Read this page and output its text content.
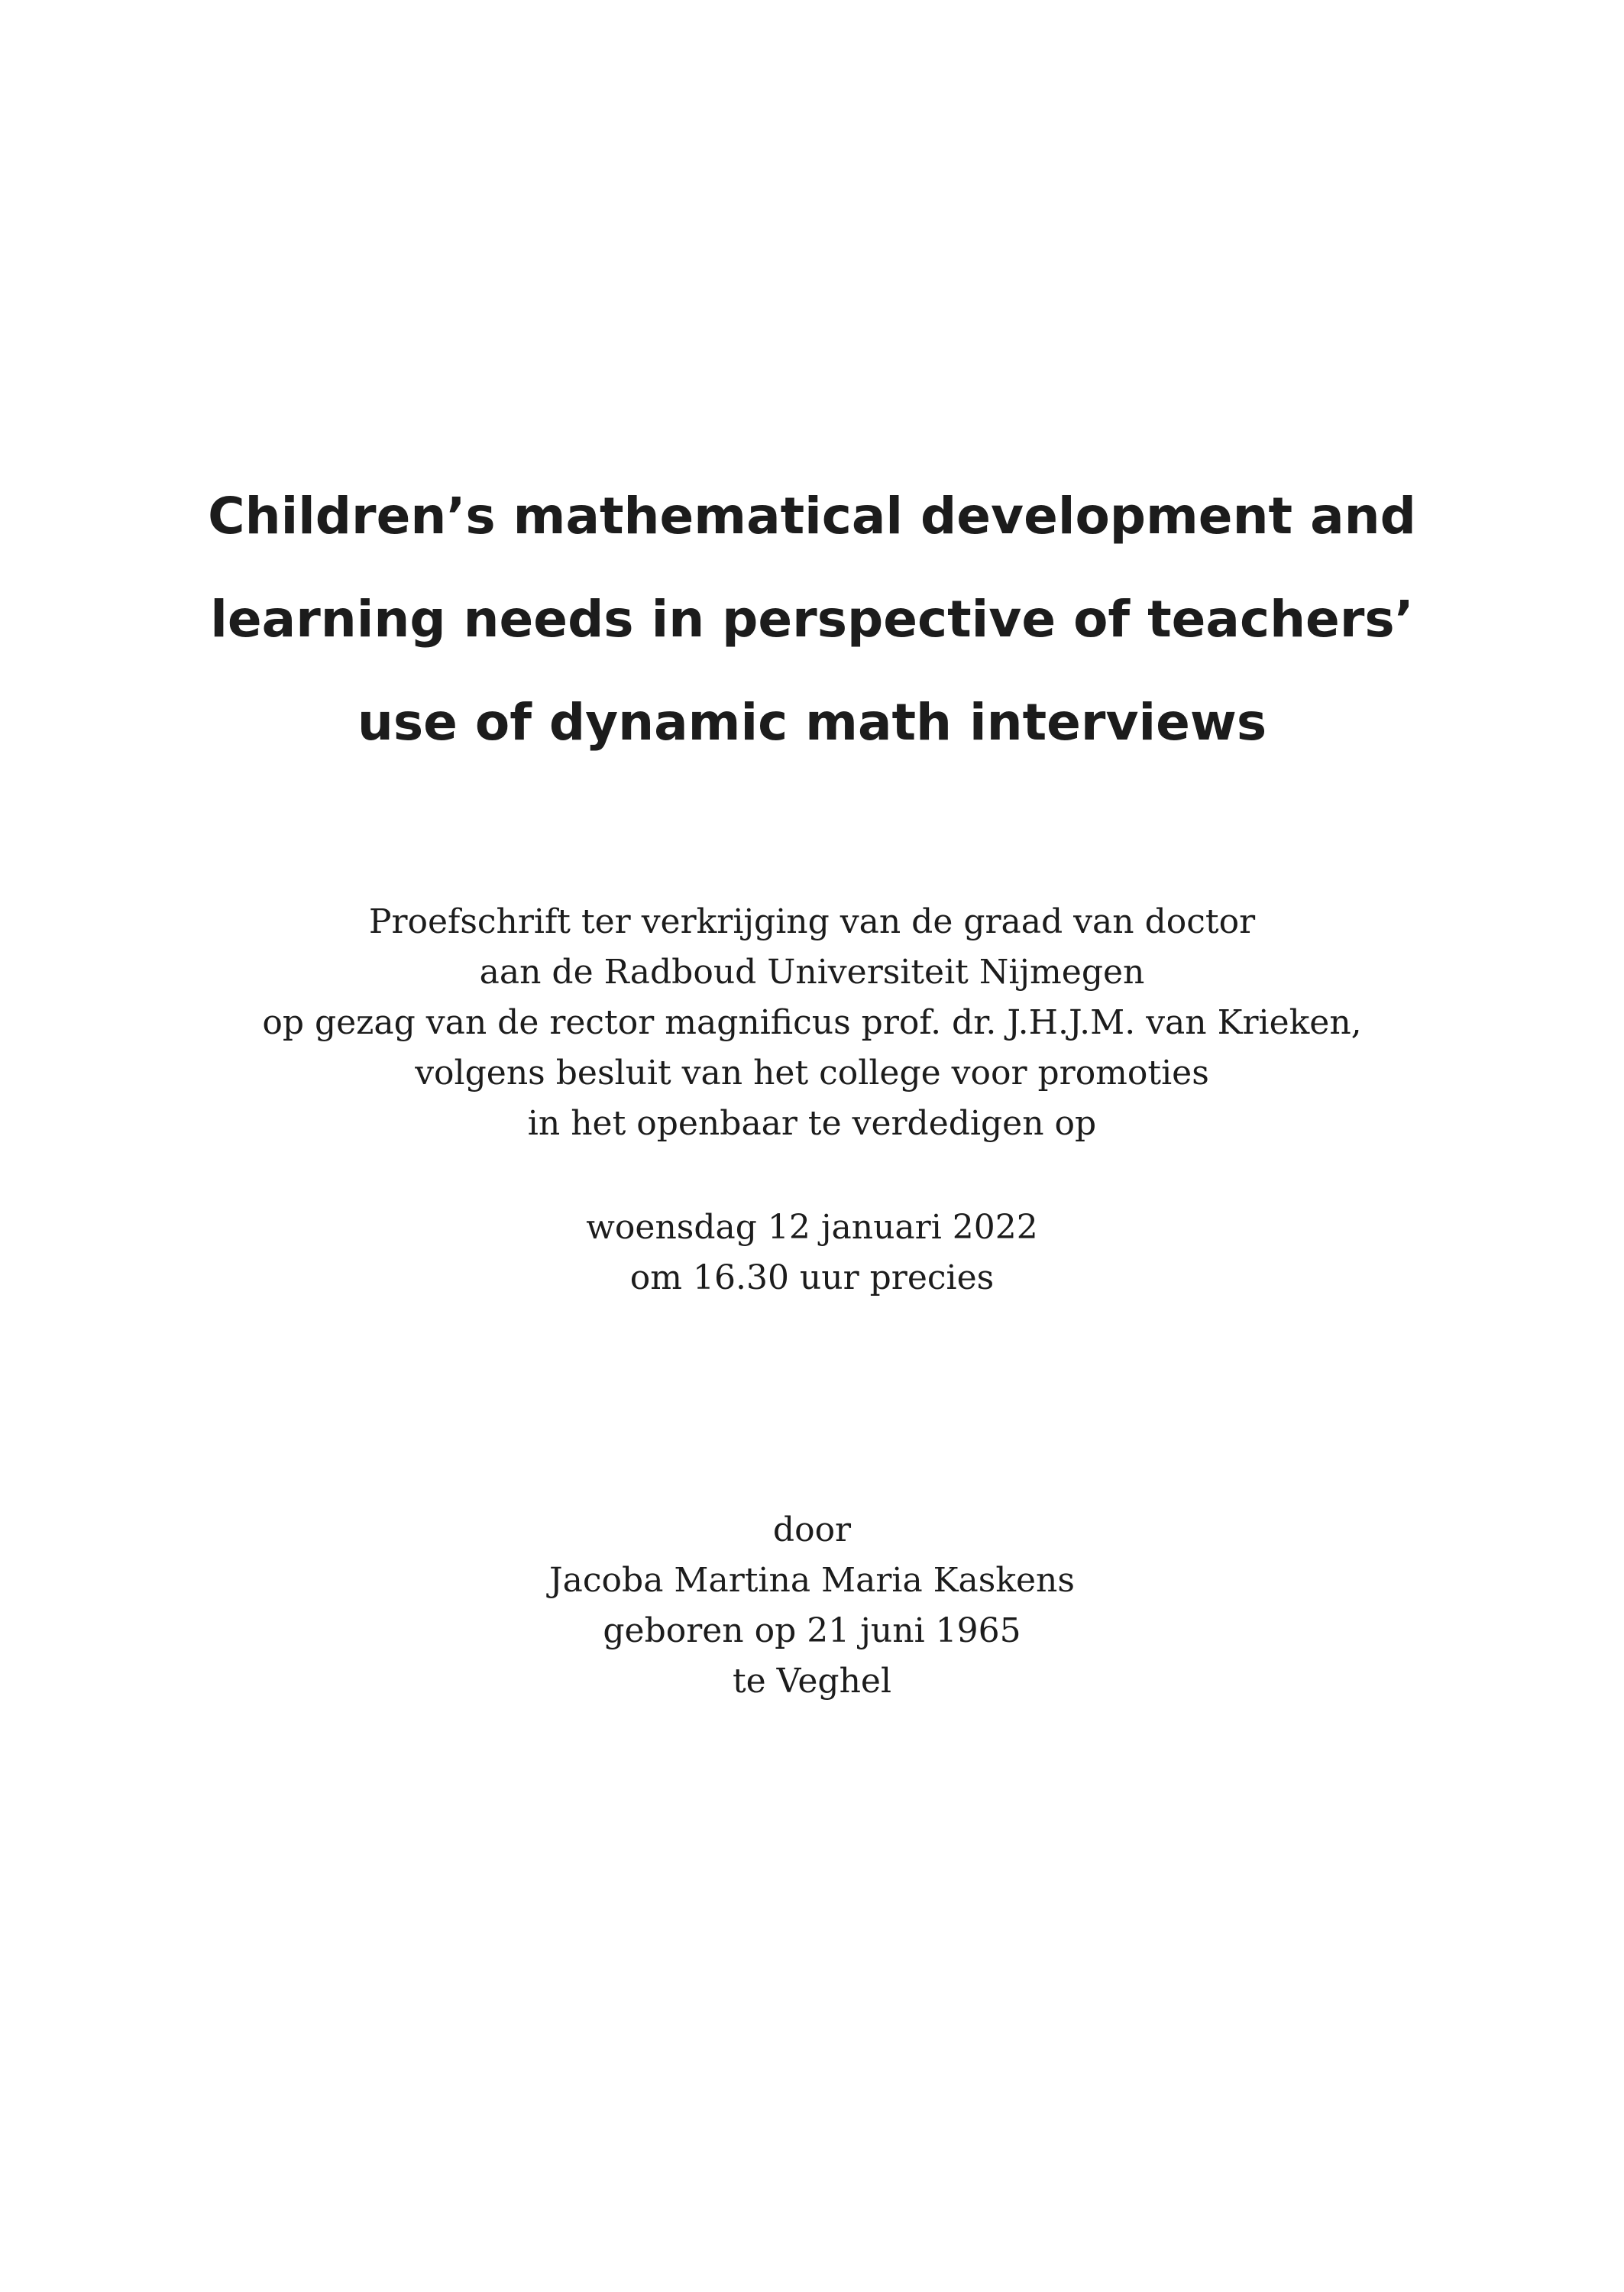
Children’s mathematical development and
learning needs in perspective of teachers’
use of dynamic math interviews
Proefschrift ter verkrijging van de graad van doctor
aan de Radboud Universiteit Nijmegen
op gezag van de rector magnificus prof. dr. J.H.J.M. van Krieken,
volgens besluit van het college voor promoties
in het openbaar te verdedigen op
woensdag 12 januari 2022
om 16.30 uur precies
door
Jacoba Martina Maria Kaskens
geboren op 21 juni 1965
te Veghel
